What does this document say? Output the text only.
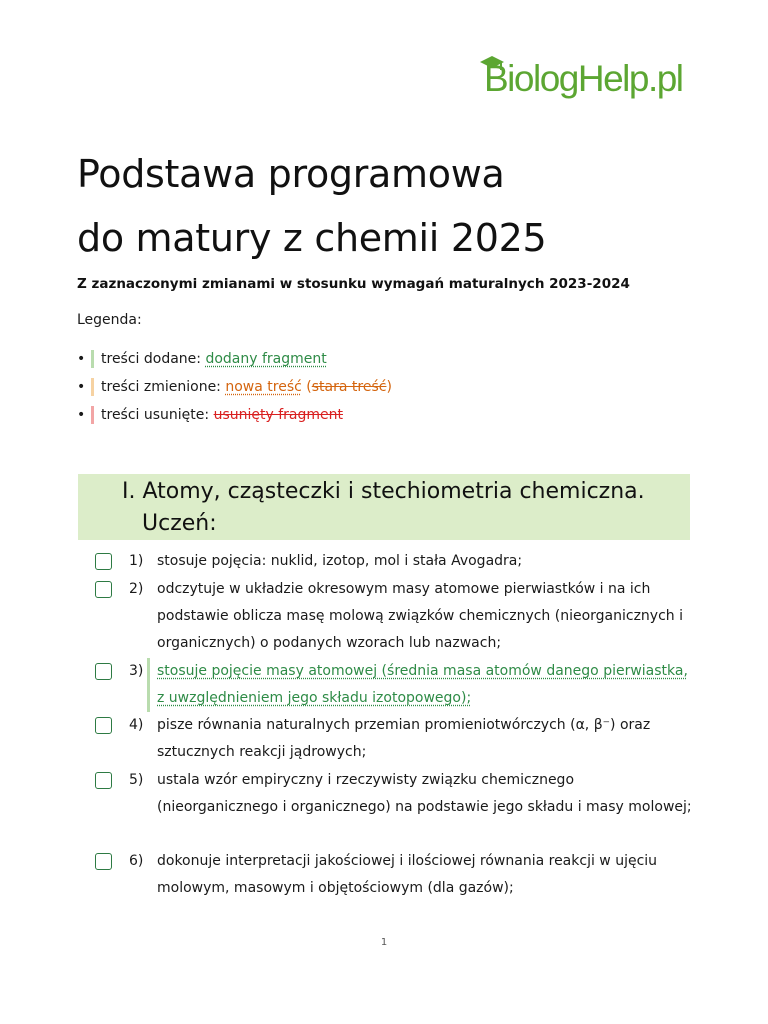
BiologHelp.pl
Podstawa programowa
do matury z chemii 2025

Z zaznaczonymi zmianami w stosunku wymagań maturalnych 2023-2024

Legenda:

•	treści dodane:
dodany fragment
•	treści zmienione:
nowa treść
( stara treść )
•	treści usunięte:
usunięty fragment
I. Atomy, cząsteczki i stechiometria chemiczna.
Uczeń:
1) stosuje pojęcia: nuklid, izotop, mol i stała Avogadra;
2) odczytuje w układzie okresowym masy atomowe pierwiastków i na ich podstawie oblicza masę molową związków chemicznych (nieorganicznych i organicznych) o podanych wzorach lub nazwach;
3) stosuje pojęcie masy atomowej (średnia masa atomów danego pierwiastka, z uwzględnieniem jego składu izotopowego);
4) pisze równania naturalnych przemian promieniotwórczych (α, β⁻) oraz sztucznych reakcji jądrowych;
5) ustala wzór empiryczny i rzeczywisty związku chemicznego (nieorganicznego i organicznego) na podstawie jego składu i masy molowej;
6) dokonuje interpretacji jakościowej i ilościowej równania reakcji w ujęciu molowym, masowym i objętościowym (dla gazów);
1
